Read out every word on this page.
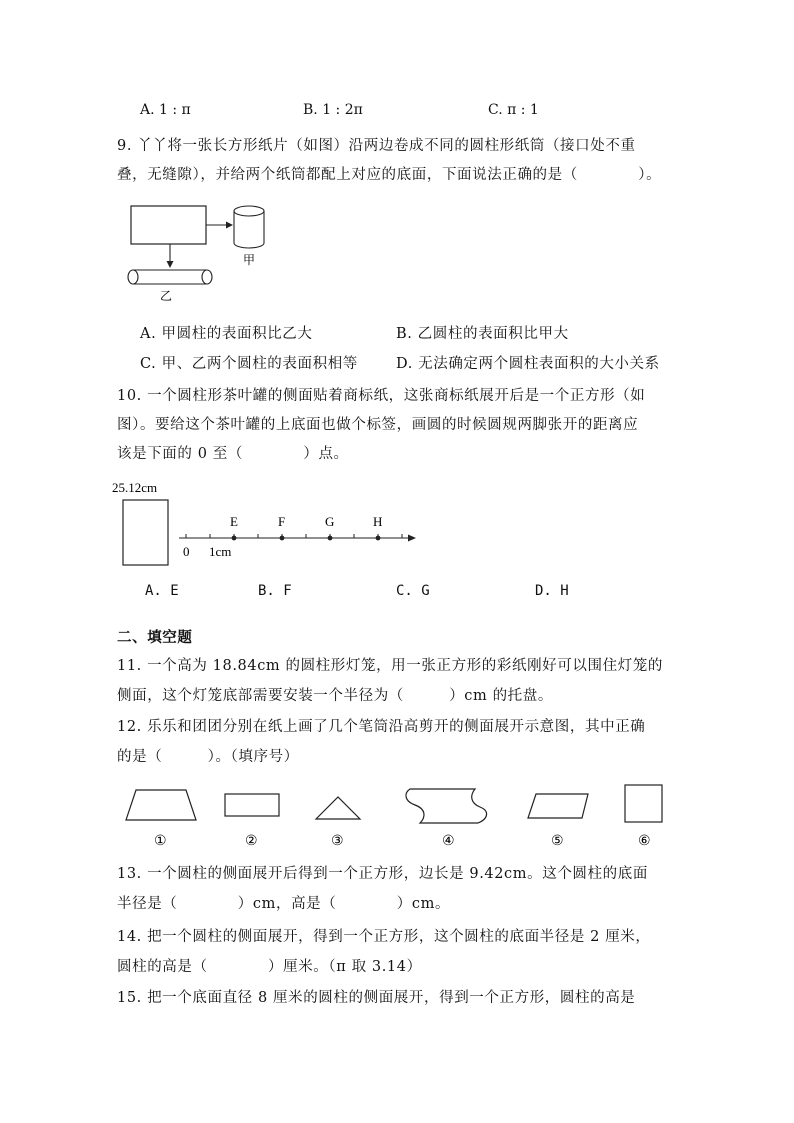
A. 1 : π	B. 1 : 2π	C. π : 1
9. 丫丫将一张长方形纸片（如图）沿两边卷成不同的圆柱形纸筒（接口处不重
叠，无缝隙），并给两个纸筒都配上对应的底面，下面说法正确的是（　　　　）。
甲
乙
A. 甲圆柱的表面积比乙大	B. 乙圆柱的表面积比甲大
C. 甲、乙两个圆柱的表面积相等	D. 无法确定两个圆柱表面积的大小关系
10. 一个圆柱形茶叶罐的侧面贴着商标纸，这张商标纸展开后是一个正方形（如
图）。要给这个茶叶罐的上底面也做个标签，画圆的时候圆规两脚张开的距离应
该是下面的 0 至（　　　　）点。
25.12cm
E	F	G	H
0 1cm
A. E	B. F	C. G	D. H
二、填空题
11. 一个高为 18.84cm 的圆柱形灯笼，用一张正方形的彩纸刚好可以围住灯笼的
侧面，这个灯笼底部需要安装一个半径为（　　　）cm 的托盘。
12. 乐乐和团团分别在纸上画了几个笔筒沿高剪开的侧面展开示意图，其中正确
的是（　　　）。（填序号）
①	②	③	④	⑤	⑥
13. 一个圆柱的侧面展开后得到一个正方形，边长是 9.42cm。这个圆柱的底面
半径是（　　　　）cm，高是（　　　　）cm。
14. 把一个圆柱的侧面展开，得到一个正方形，这个圆柱的底面半径是 2 厘米，
圆柱的高是（　　　　）厘米。（π 取 3.14）
15. 把一个底面直径 8 厘米的圆柱的侧面展开，得到一个正方形，圆柱的高是
